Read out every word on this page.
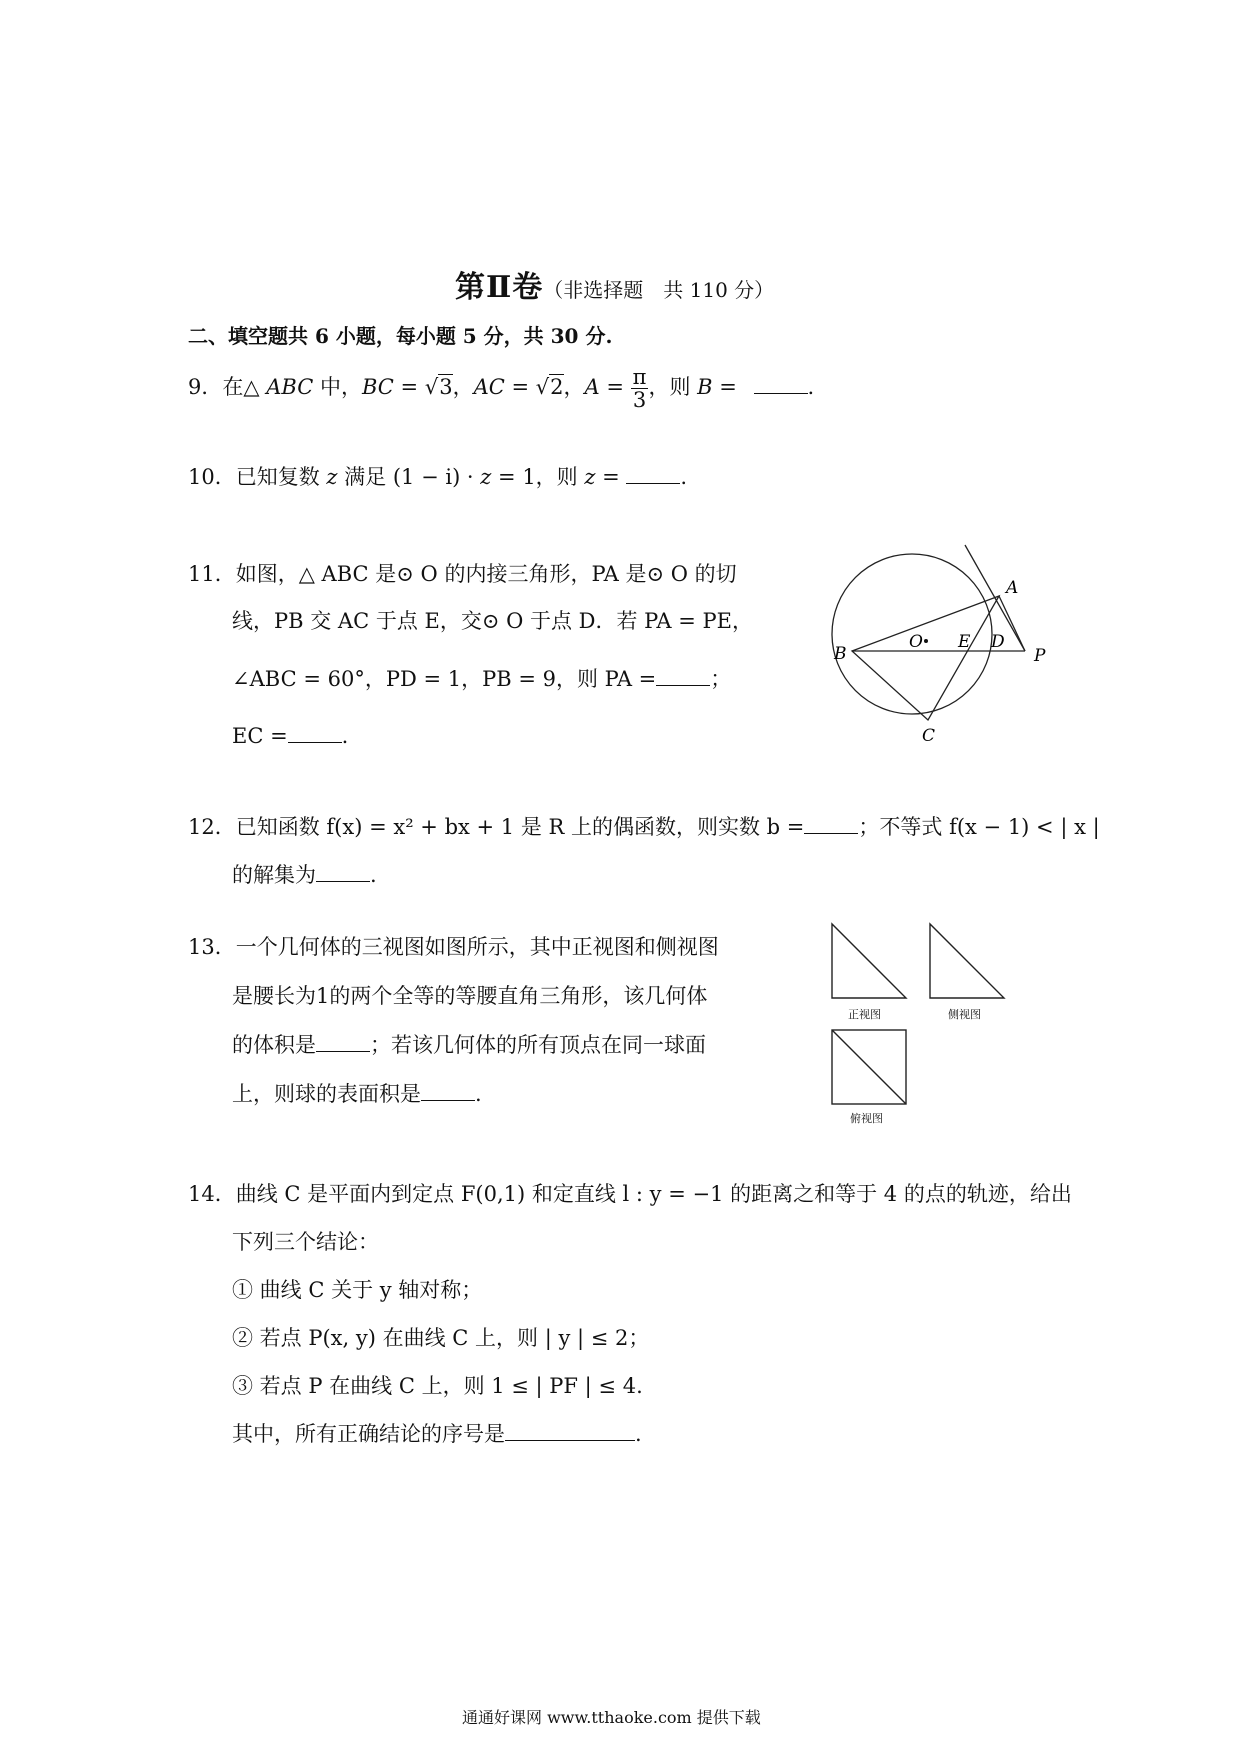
第Ⅱ卷（非选择题　共 110 分）
二、填空题共 6 小题，每小题 5 分，共 30 分.
9．在△ ABC 中，BC = √3，AC = √2，$A = \frac{\pi}{3}$ ，则 B =	.
10．已知复数 z 满足 (1 − i) · z = 1，则 z =	.
11．如图，△ ABC 是⊙ O 的内接三角形，PA 是⊙ O 的切
线，PB 交 AC 于点 E，交⊙ O 于点 D．若 PA = PE，
∠ABC = 60°，PD = 1，PB = 9，则 PA =	；
EC =	.
A
B
C
D
E
O
P
12．已知函数 f(x) = x² + bx + 1 是 R 上的偶函数，则实数 b =	；不等式 f(x − 1) < | x |
的解集为	.
13．一个几何体的三视图如图所示，其中正视图和侧视图
是腰长为1的两个全等的等腰直角三角形，该几何体
的体积是	；若该几何体的所有顶点在同一球面
上，则球的表面积是	.
正视图	侧视图
俯视图
14．曲线 C 是平面内到定点 F(0,1) 和定直线 l : y = −1 的距离之和等于 4 的点的轨迹，给出
下列三个结论：
① 曲线 C 关于 y 轴对称；
② 若点 P(x, y) 在曲线 C 上，则 | y | ≤ 2；
③ 若点 P 在曲线 C 上，则 1 ≤ | PF | ≤ 4.
其中，所有正确结论的序号是	.
通通好课网 www.tthaoke.com 提供下载
